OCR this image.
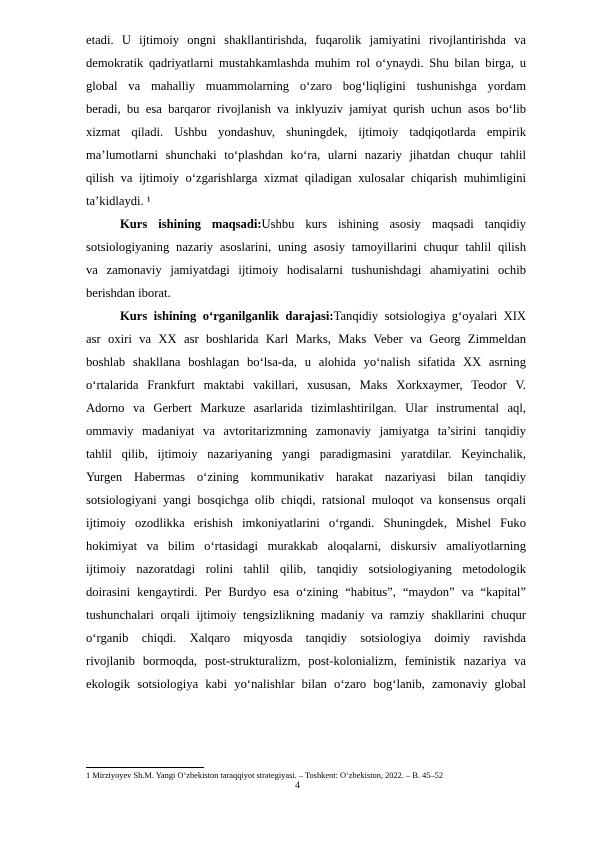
etadi. U ijtimoiy ongni shakllantirishda, fuqarolik jamiyatini rivojlantirishda va
demokratik qadriyatlarni mustahkamlashda muhim rol o‘ynaydi. Shu bilan birga, u
global va mahalliy muammolarning o‘zaro bog‘liqligini tushunishga yordam
beradi, bu esa barqaror rivojlanish va inklyuziv jamiyat qurish uchun asos bo‘lib
xizmat qiladi. Ushbu yondashuv, shuningdek, ijtimoiy tadqiqotlarda empirik
ma’lumotlarni shunchaki to‘plashdan ko‘ra, ularni nazariy jihatdan chuqur tahlil
qilish va ijtimoiy o‘zgarishlarga xizmat qiladigan xulosalar chiqarish muhimligini
ta’kidlaydi. ¹
Kurs ishining maqsadi:Ushbu kurs ishining asosiy maqsadi tanqidiy
sotsiologiyaning nazariy asoslarini, uning asosiy tamoyillarini chuqur tahlil qilish
va zamonaviy jamiyatdagi ijtimoiy hodisalarni tushunishdagi ahamiyatini ochib
berishdan iborat.
Kurs ishining o‘rganilganlik darajasi:Tanqidiy sotsiologiya g‘oyalari XIX
asr oxiri va XX asr boshlarida Karl Marks, Maks Veber va Georg Zimmeldan
boshlab shakllana boshlagan bo‘lsa-da, u alohida yo‘nalish sifatida XX asrning
o‘rtalarida Frankfurt maktabi vakillari, xususan, Maks Xorkxaymer, Teodor V.
Adorno va Gerbert Markuze asarlarida tizimlashtirilgan. Ular instrumental aql,
ommaviy madaniyat va avtoritarizmning zamonaviy jamiyatga ta’sirini tanqidiy
tahlil qilib, ijtimoiy nazariyaning yangi paradigmasini yaratdilar. Keyinchalik,
Yurgen Habermas o‘zining kommunikativ harakat nazariyasi bilan tanqidiy
sotsiologiyani yangi bosqichga olib chiqdi, ratsional muloqot va konsensus orqali
ijtimoiy ozodlikka erishish imkoniyatlarini o‘rgandi. Shuningdek, Mishel Fuko
hokimiyat va bilim o‘rtasidagi murakkab aloqalarni, diskursiv amaliyotlarning
ijtimoiy nazoratdagi rolini tahlil qilib, tanqidiy sotsiologiyaning metodologik
doirasini kengaytirdi. Per Burdyo esa o‘zining “habitus”, “maydon” va “kapital”
tushunchalari orqali ijtimoiy tengsizlikning madaniy va ramziy shakllarini chuqur
o‘rganib chiqdi. Xalqaro miqyosda tanqidiy sotsiologiya doimiy ravishda
rivojlanib bormoqda, post-strukturalizm, post-kolonializm, feministik nazariya va
ekologik sotsiologiya kabi yo‘nalishlar bilan o‘zaro bog‘lanib, zamonaviy global
1 Mirziyoyev Sh.M. Yangi O‘zbekiston taraqqiyot strategiyasi. – Toshkent: O‘zbekiston, 2022. – B. 45–52
4
